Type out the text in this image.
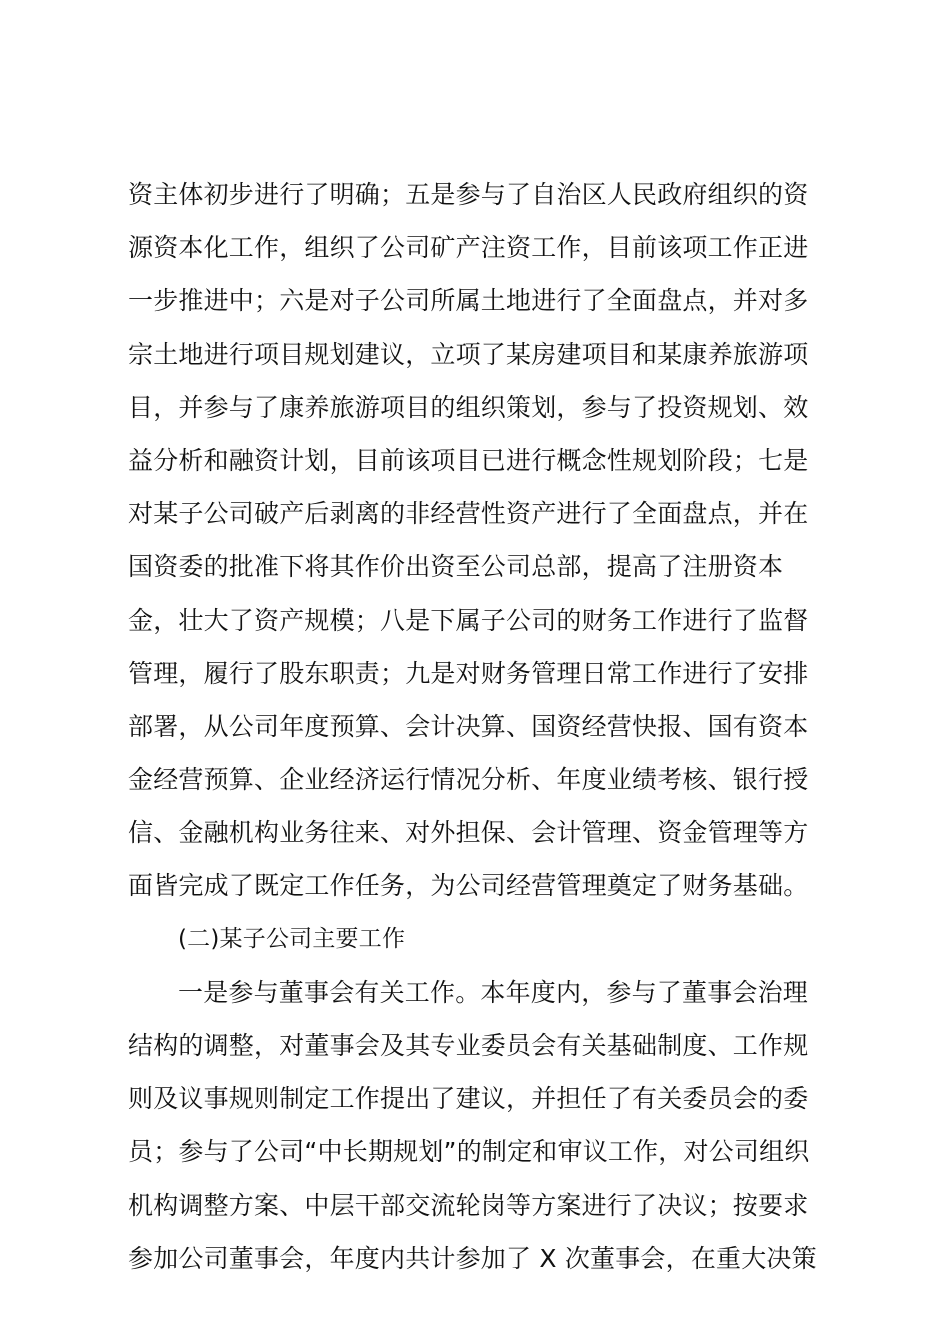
资主体初步进行了明确；五是参与了自治区人民政府组织的资
源资本化工作，组织了公司矿产注资工作，目前该项工作正进
一步推进中；六是对子公司所属土地进行了全面盘点，并对多
宗土地进行项目规划建议，立项了某房建项目和某康养旅游项
目，并参与了康养旅游项目的组织策划，参与了投资规划、效
益分析和融资计划，目前该项目已进行概念性规划阶段；七是
对某子公司破产后剥离的非经营性资产进行了全面盘点，并在
国资委的批准下将其作价出资至公司总部，提高了注册资本
金，壮大了资产规模；八是下属子公司的财务工作进行了监督
管理，履行了股东职责；九是对财务管理日常工作进行了安排
部署，从公司年度预算、会计决算、国资经营快报、国有资本
金经营预算、企业经济运行情况分析、年度业绩考核、银行授
信、金融机构业务往来、对外担保、会计管理、资金管理等方
面皆完成了既定工作任务，为公司经营管理奠定了财务基础。
(二)某子公司主要工作
一是参与董事会有关工作。本年度内，参与了董事会治理
结构的调整，对董事会及其专业委员会有关基础制度、工作规
则及议事规则制定工作提出了建议，并担任了有关委员会的委
员；参与了公司“中长期规划”的制定和审议工作，对公司组织
机构调整方案、中层干部交流轮岗等方案进行了决议；按要求
参加公司董事会，年度内共计参加了 X 次董事会，在重大决策
